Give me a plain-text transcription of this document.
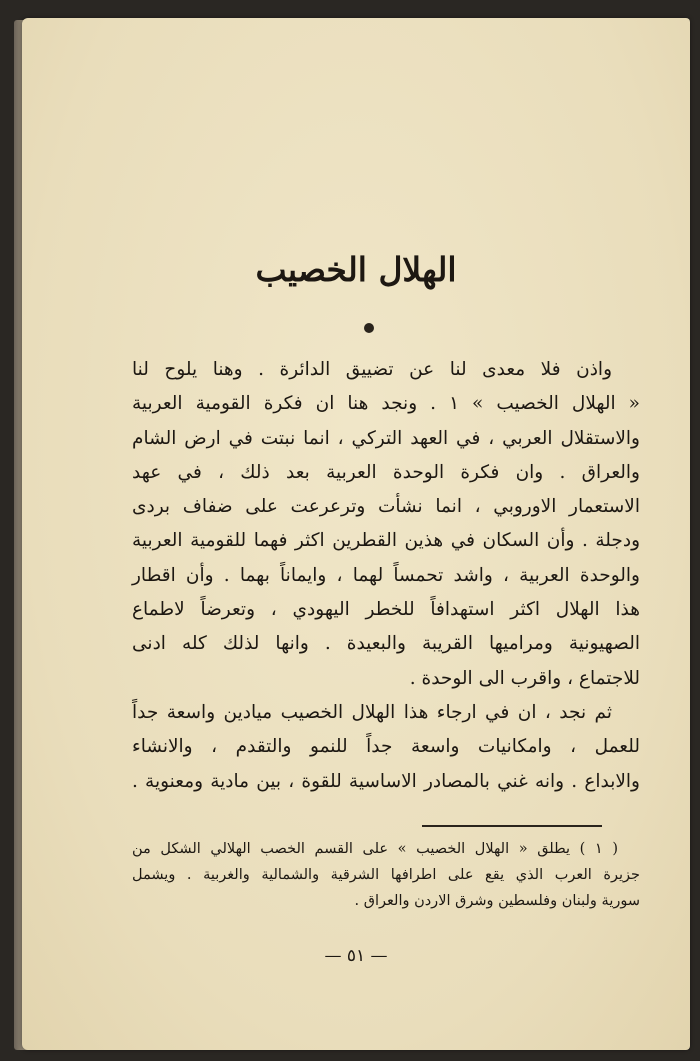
الهلال الخصيب
واذن فلا معدى لنا عن تضييق الدائرة . وهنا يلوح لنا
« الهلال الخصيب » ١ . ونجد هنا ان فكرة القومية العربية
والاستقلال العربي ، في العهد التركي ، انما نبتت في ارض الشام
والعراق . وان فكرة الوحدة العربية بعد ذلك ، في عهد
الاستعمار الاوروبي ، انما نشأت وترعرعت على ضفاف بردى
ودجلة . وأن السكان في هذين القطرين اكثر فهما للقومية العربية
والوحدة العربية ، واشد تحمساً لهما ، وايماناً بهما . وأن اقطار
هذا الهلال اكثر استهدافاً للخطر اليهودي ، وتعرضاً لاطماع
الصهيونية ومراميها القريبة والبعيدة . وانها لذلك كله ادنى
للاجتماع ، واقرب الى الوحدة .
ثم نجد ، ان في ارجاء هذا الهلال الخصيب ميادين واسعة جداً
للعمل ، وامكانيات واسعة جداً للنمو والتقدم ، والانشاء
والابداع . وانه غني بالمصادر الاساسية للقوة ، بين مادية ومعنوية .
( ١ ) يطلق « الهلال الخصيب » على القسم الخصب الهلالي الشكل من
جزيرة العرب الذي يقع على اطرافها الشرقية والشمالية والغربية . ويشمل
سورية ولبنان وفلسطين وشرق الاردن والعراق .
— ٥١ —
